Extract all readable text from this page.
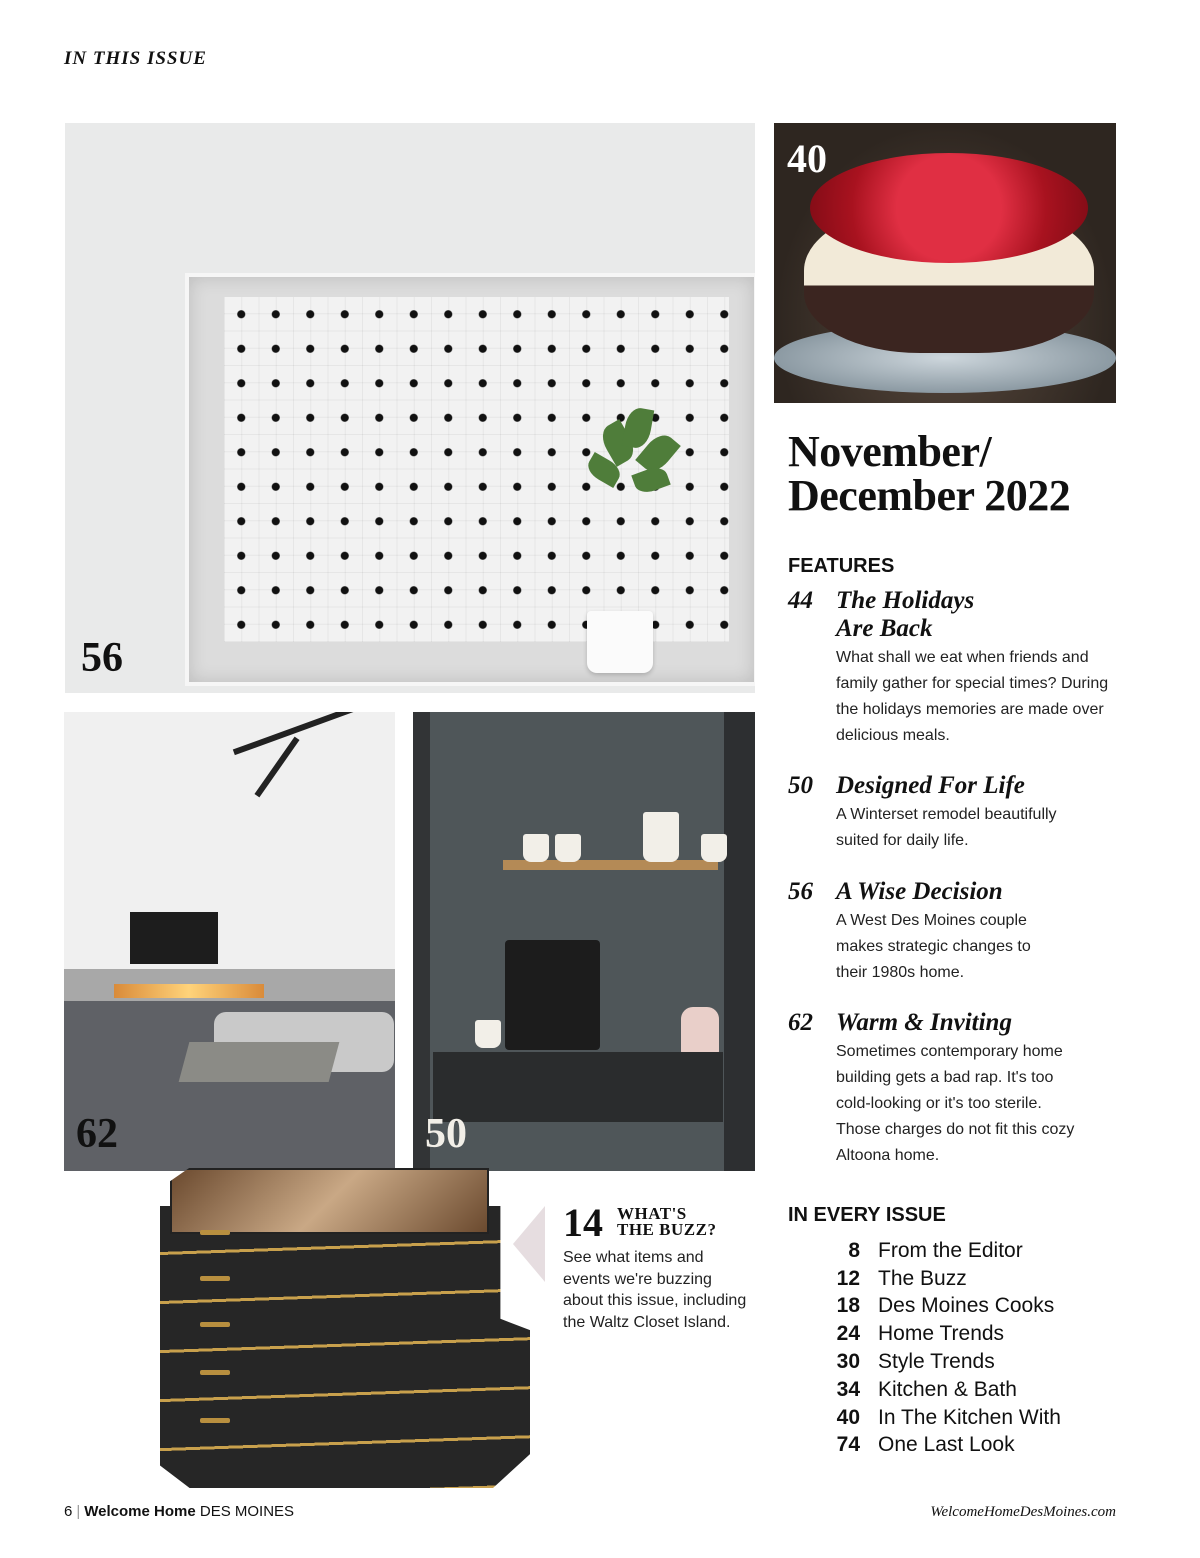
IN THIS ISSUE
56
40
62	50
14 WHAT'S
THE BUZZ?
See what items and events we're buzzing about this issue, including the Waltz Closet Island.
November/
December 2022
FEATURES
44 The Holidays
Are Back
What shall we eat when friends and family gather for special times? During the holidays memories are made over delicious meals.
50 Designed For Life
A Winterset remodel beautifully suited for daily life.
56 A Wise Decision
A West Des Moines couple makes strategic changes to their 1980s home.
62 Warm & Inviting
Sometimes contemporary home building gets a bad rap. It's too cold-looking or it's too sterile. Those charges do not fit this cozy Altoona home.
IN EVERY ISSUE
8 From the Editor
12 The Buzz
18 Des Moines Cooks
24 Home Trends
30 Style Trends
34 Kitchen & Bath
40 In The Kitchen With
74 One Last Look
6 | Welcome Home DES MOINES	WelcomeHomeDesMoines.com
